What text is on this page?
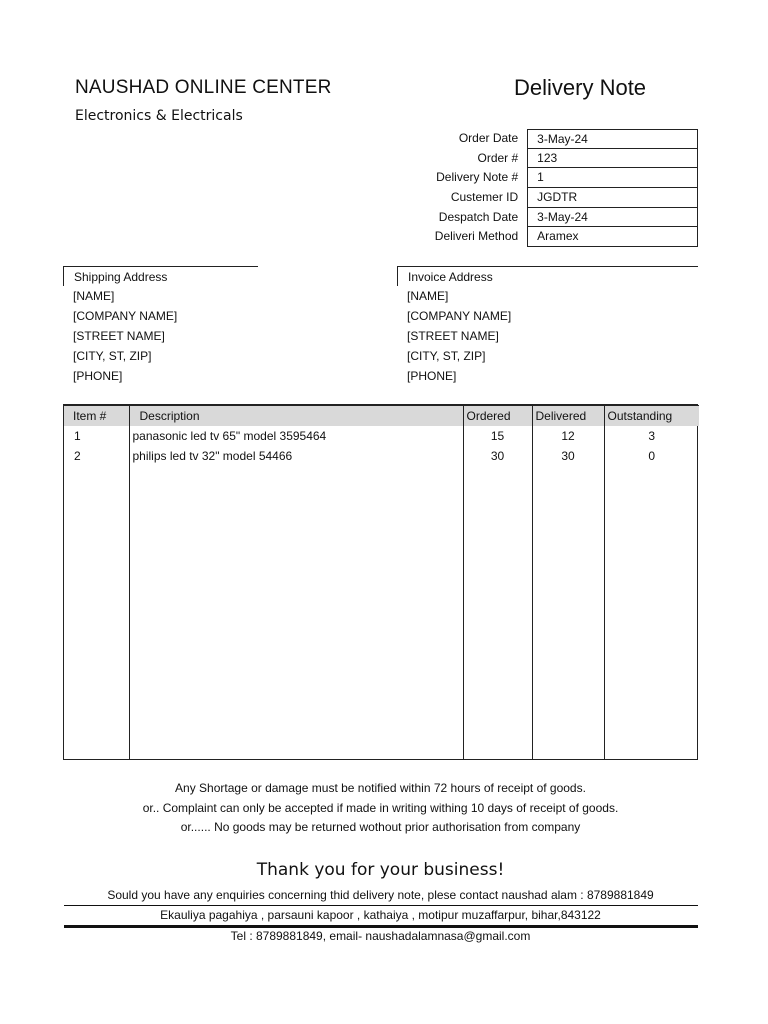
NAUSHAD ONLINE CENTER
Electronics & Electricals
Delivery Note
Order Date	3-May-24
Order #	123
Delivery Note #	1
Custemer ID	JGDTR
Despatch Date	3-May-24
Deliveri Method	Aramex
Shipping Address
[NAME]
[COMPANY NAME]
[STREET NAME]
[CITY, ST, ZIP]
[PHONE]
Invoice Address
[NAME]
[COMPANY NAME]
[STREET NAME]
[CITY, ST, ZIP]
[PHONE]
Item #	Description	Ordered	Delivered	Outstanding
1	panasonic led tv 65" model 3595464	15	12	3
2	philips led tv 32" model 54466	30	30	0

Any Shortage or damage must be notified within 72 hours of receipt of goods.
or.. Complaint can only be accepted if made in writing withing 10 days of receipt of goods.
or...... No goods may be returned wothout prior authorisation from company
Thank you for your business!
Sould you have any enquiries concerning thid delivery note, plese contact naushad alam : 8789881849
Ekauliya pagahiya , parsauni kapoor , kathaiya , motipur muzaffarpur, bihar,843122
Tel : 8789881849, email- naushadalamnasa@gmail.com
